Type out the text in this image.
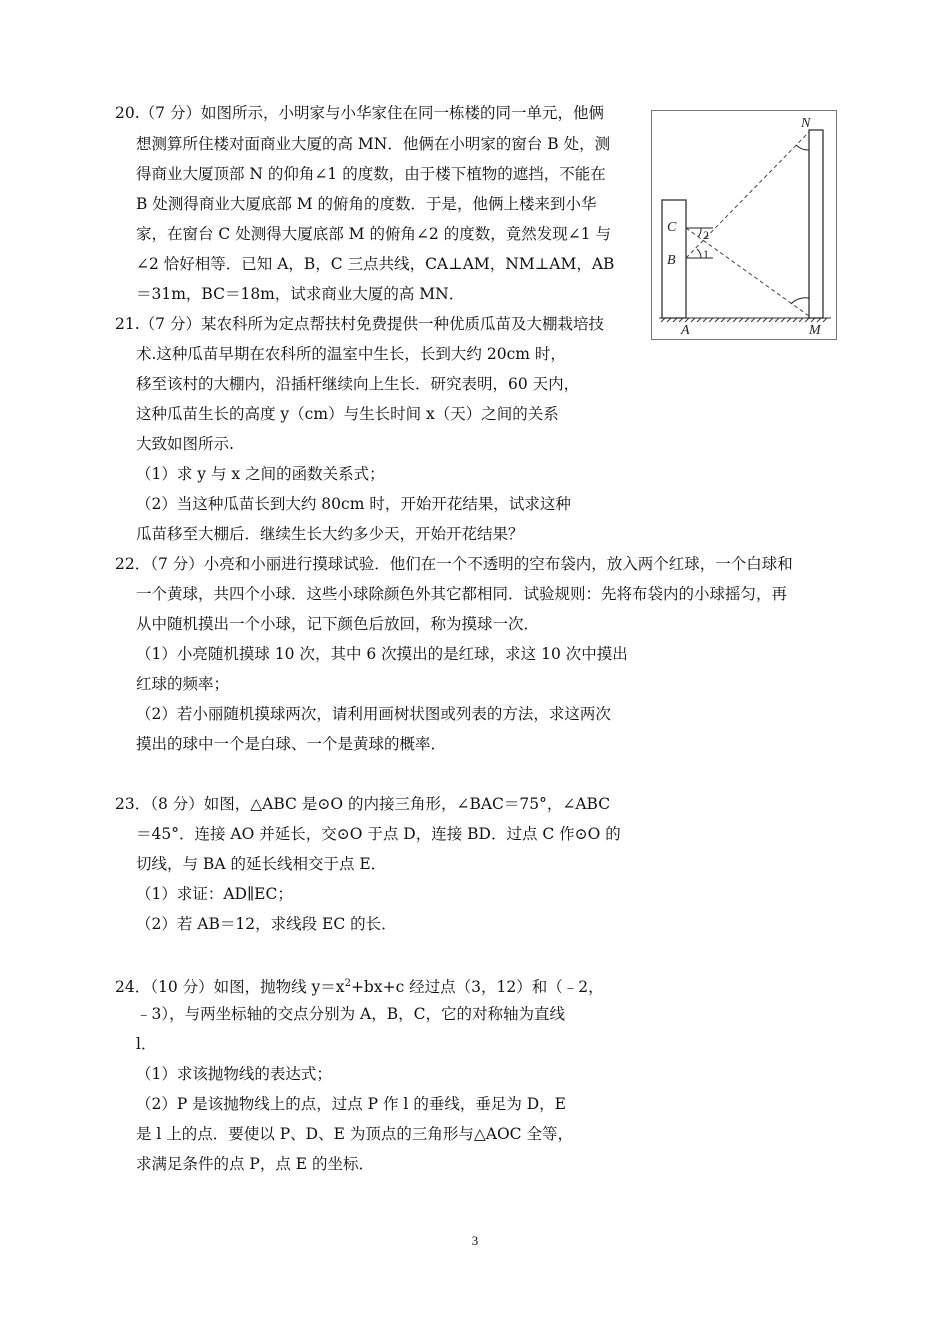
20.（7 分）如图所示，小明家与小华家住在同一栋楼的同一单元，他俩
想测算所住楼对面商业大厦的高 MN．他俩在小明家的窗台 B 处，测
得商业大厦顶部 N 的仰角∠1 的度数，由于楼下植物的遮挡，不能在
B 处测得商业大厦底部 M 的俯角的度数．于是，他俩上楼来到小华
家，在窗台 C 处测得大厦底部 M 的俯角∠2 的度数，竟然发现∠1 与
∠2 恰好相等．已知 A，B，C 三点共线，CA⊥AM，NM⊥AM，AB
＝31m，BC＝18m，试求商业大厦的高 MN．
N
C
B
A	M
2
1
21.（7 分）某农科所为定点帮扶村免费提供一种优质瓜苗及大棚栽培技
术.这种瓜苗早期在农科所的温室中生长，长到大约 20cm 时，
移至该村的大棚内，沿插杆继续向上生长．研究表明，60 天内，
这种瓜苗生长的高度 y（cm）与生长时间 x（天）之间的关系
大致如图所示.
（1）求 y 与 x 之间的函数关系式；
（2）当这种瓜苗长到大约 80cm 时，开始开花结果，试求这种
瓜苗移至大棚后．继续生长大约多少天，开始开花结果？
22．（7 分）小亮和小丽进行摸球试验．他们在一个不透明的空布袋内，放入两个红球，一个白球和
一个黄球，共四个小球．这些小球除颜色外其它都相同．试验规则：先将布袋内的小球摇匀，再
从中随机摸出一个小球，记下颜色后放回，称为摸球一次．
（1）小亮随机摸球 10 次，其中 6 次摸出的是红球，求这 10 次中摸出
红球的频率；
（2）若小丽随机摸球两次，请利用画树状图或列表的方法，求这两次
摸出的球中一个是白球、一个是黄球的概率．
23．（8 分）如图，△ABC 是⊙O 的内接三角形，∠BAC＝75°，∠ABC
＝45°．连接 AO 并延长，交⊙O 于点 D，连接 BD．过点 C 作⊙O 的
切线，与 BA 的延长线相交于点 E．
（1）求证：AD∥EC；
（2）若 AB＝12，求线段 EC 的长．
24．（10 分）如图，抛物线 $y=x^2+bx+c$ 经过点（3，12）和（﹣2，
﹣3），与两坐标轴的交点分别为 A，B，C，它的对称轴为直线
l．
（1）求该抛物线的表达式；
（2）P 是该抛物线上的点，过点 P 作 l 的垂线，垂足为 D，E
是 l 上的点．要使以 P、D、E 为顶点的三角形与△AOC 全等，
求满足条件的点 P，点 E 的坐标．
3
